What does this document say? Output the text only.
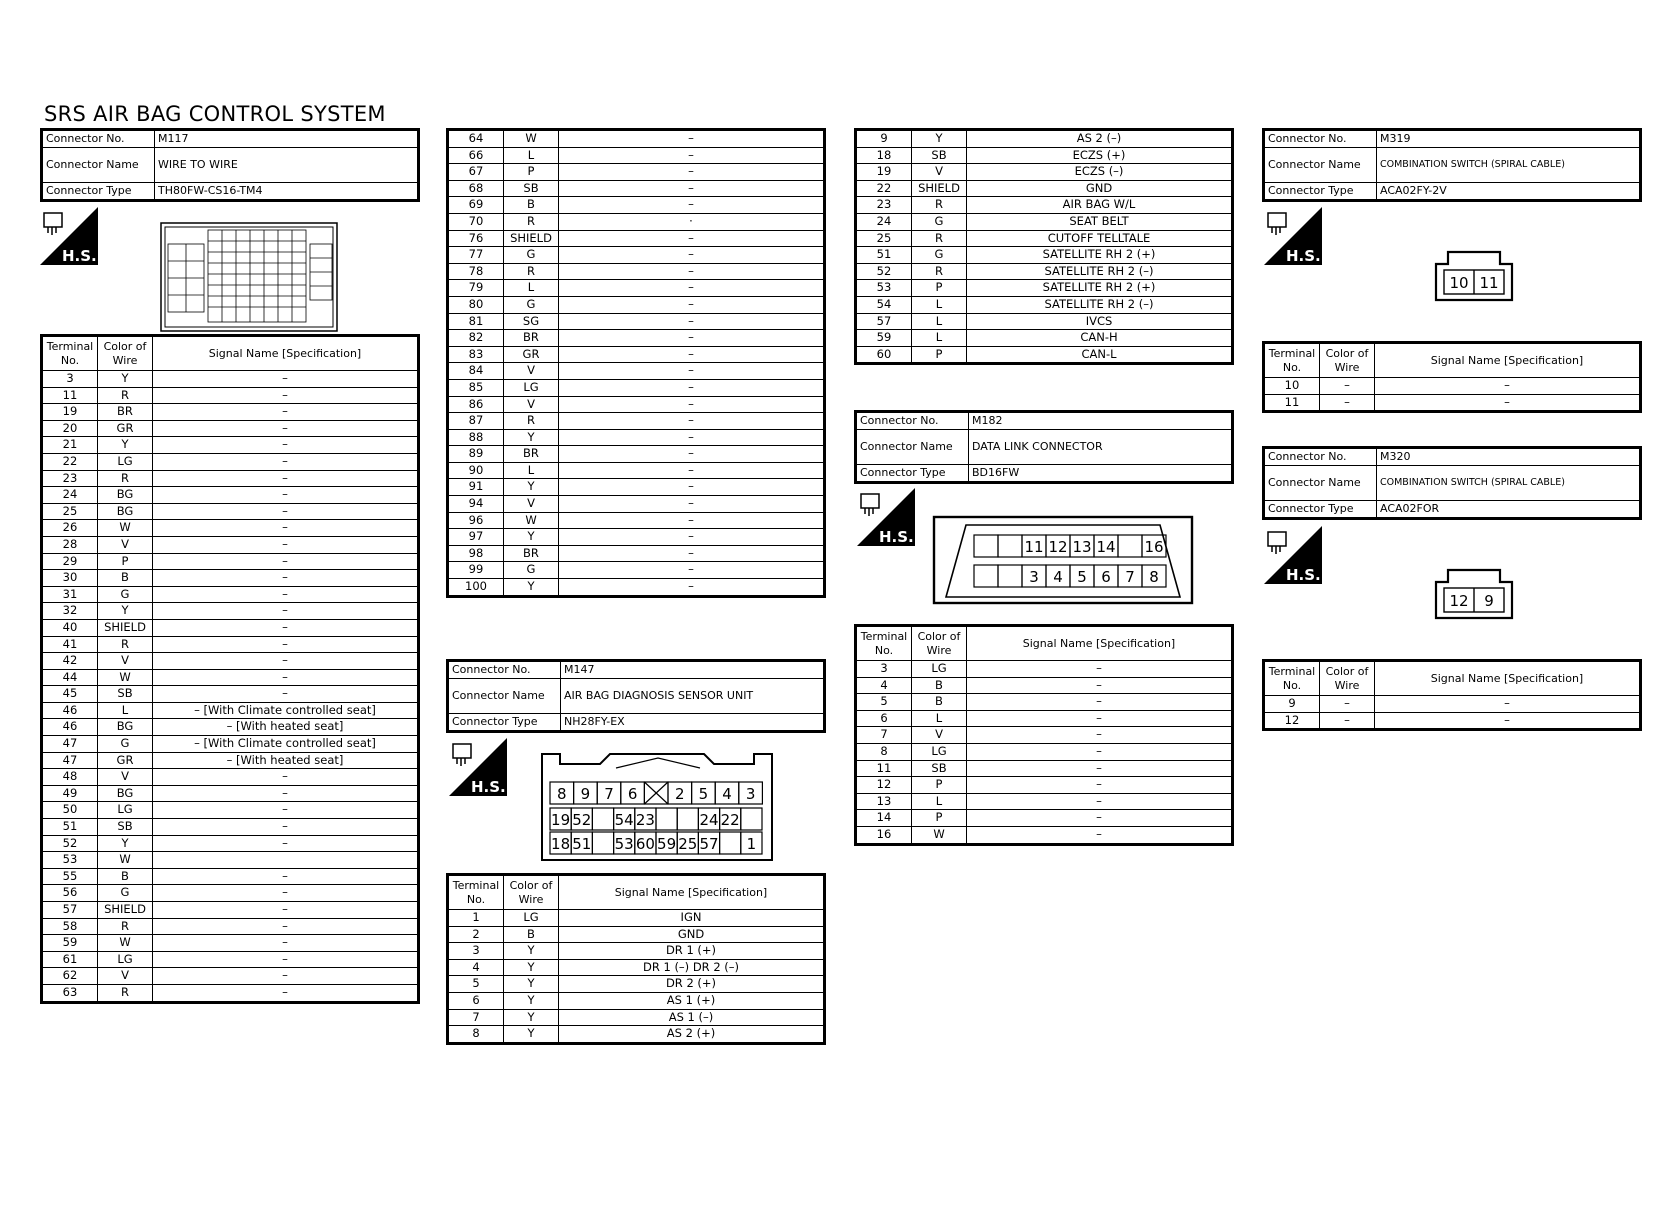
SRS AIR BAG CONTROL SYSTEM
Connector No.	M117
Connector Name	WIRE TO WIRE
Connector Type	TH80FW-CS16-TM4
H.S.
Terminal No.	Color of Wire	Signal Name [Specification]
3	Y	–
11	R	–
19	BR	–
20	GR	–
21	Y	–
22	LG	–
23	R	–
24	BG	–
25	BG	–
26	W	–
28	V	–
29	P	–
30	B	–
31	G	–
32	Y	–
40	SHIELD	–
41	R	–
42	V	–
44	W	–
45	SB	–
46	L	– [With Climate controlled seat]
46	BG	– [With heated seat]
47	G	– [With Climate controlled seat]
47	GR	– [With heated seat]
48	V	–
49	BG	–
50	LG	–
51	SB	–
52	Y	–
53	W	
55	B	–
56	G	–
57	SHIELD	–
58	R	–
59	W	–
61	LG	–
62	V	–
63	R	–
64	W	–
66	L	–
67	P	–
68	SB	–
69	B	–
70	R	·
76	SHIELD	–
77	G	–
78	R	–
79	L	–
80	G	–
81	SG	–
82	BR	–
83	GR	–
84	V	–
85	LG	–
86	V	–
87	R	–
88	Y	–
89	BR	–
90	L	–
91	Y	–
94	V	–
96	W	–
97	Y	–
98	BR	–
99	G	–
100	Y	–
Connector No.	M147
Connector Name	AIR BAG DIAGNOSIS SENSOR UNIT
Connector Type	NH28FY-EX
H.S.	8 9 7 6	2 5 4 3
19 52 54 23	24 22
18 51 53 60 59 25 57 1
Terminal No.	Color of Wire	Signal Name [Specification]
1	LG	IGN
2	B	GND
3	Y	DR 1 (+)
4	Y	DR 1 (–) DR 2 (–)
5	Y	DR 2 (+)
6	Y	AS 1 (+)
7	Y	AS 1 (–)
8	Y	AS 2 (+)
9	Y	AS 2 (–)
18	SB	ECZS (+)
19	V	ECZS (–)
22	SHIELD	GND
23	R	AIR BAG W/L
24	G	SEAT BELT
25	R	CUTOFF TELLTALE
51	G	SATELLITE RH 2 (+)
52	R	SATELLITE RH 2 (–)
53	P	SATELLITE RH 2 (+)
54	L	SATELLITE RH 2 (–)
57	L	IVCS
59	L	CAN-H
60	P	CAN-L
Connector No.	M182
Connector Name	DATA LINK CONNECTOR
Connector Type	BD16FW
H.S.
11 12 13 14 16
3 4 5 6 7 8
Terminal No.	Color of Wire	Signal Name [Specification]
3	LG	–
4	B	–
5	B	–
6	L	–
7	V	–
8	LG	–
11	SB	–
12	P	–
13	L	–
14	P	–
16	W	–
Connector No.	M319
Connector Name	COMBINATION SWITCH (SPIRAL CABLE)
Connector Type	ACA02FY-2V
H.S.
10 11
Terminal No.	Color of Wire	Signal Name [Specification]
10	–	–
11	–	–
Connector No.	M320
Connector Name	COMBINATION SWITCH (SPIRAL CABLE)
Connector Type	ACA02FOR
H.S.
12 9
Terminal No.	Color of Wire	Signal Name [Specification]
9	–	–
12	–	–
